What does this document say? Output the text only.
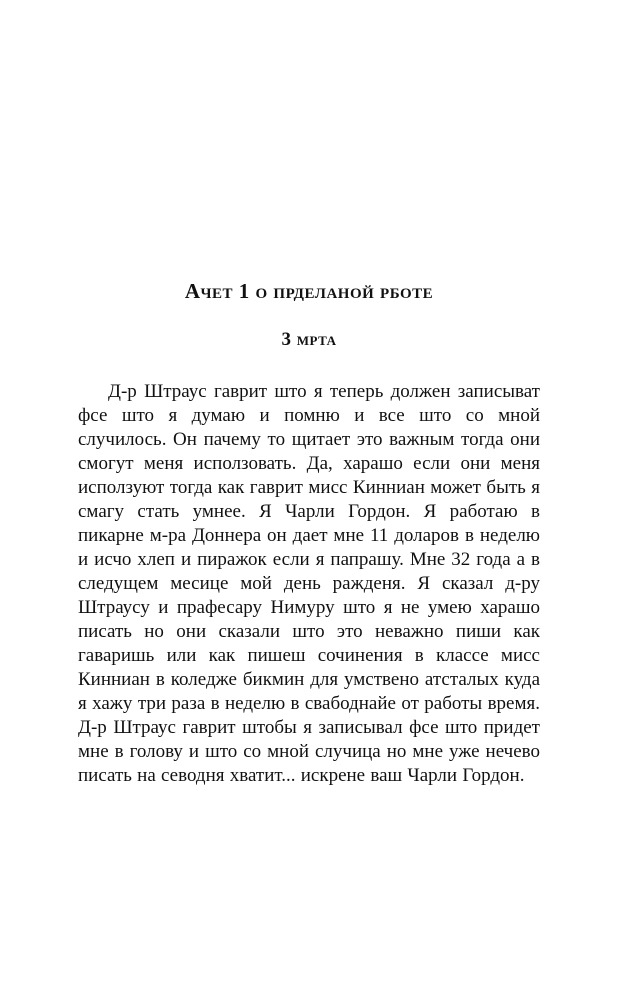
Ачет 1 о прделаной рботе
3 мрта

Д-р Штраус гаврит што я теперь должен записыват фсе што я думаю и помню и все што со мной случилось. Он пачему то щитает это важным тогда они смогут меня исползовать. Да, харашо если они меня исползуют тогда как гаврит мисс Кинниан может быть я смагу стать умнее. Я Чарли Гордон. Я работаю в пикарне м-ра Доннера он дает мне 11 доларов в неделю и исчо хлеп и пиражок если я папрашу. Мне 32 года а в следущем месице мой день ражденя. Я сказал д-ру Штраусу и прафесару Нимуру што я не умею харашо писать но они сказали што это неважно пиши как гаваришь или как пишеш сочинения в классе мисс Кинниан в коледже бикмин для умствено атсталых куда я хажу три раза в неделю в свабоднайе от работы время. Д-р Штраус гаврит штобы я записывал фсе што придет мне в голову и што со мной случица но мне уже нечево писать на севодня хватит... искрене ваш Чарли Гордон.
